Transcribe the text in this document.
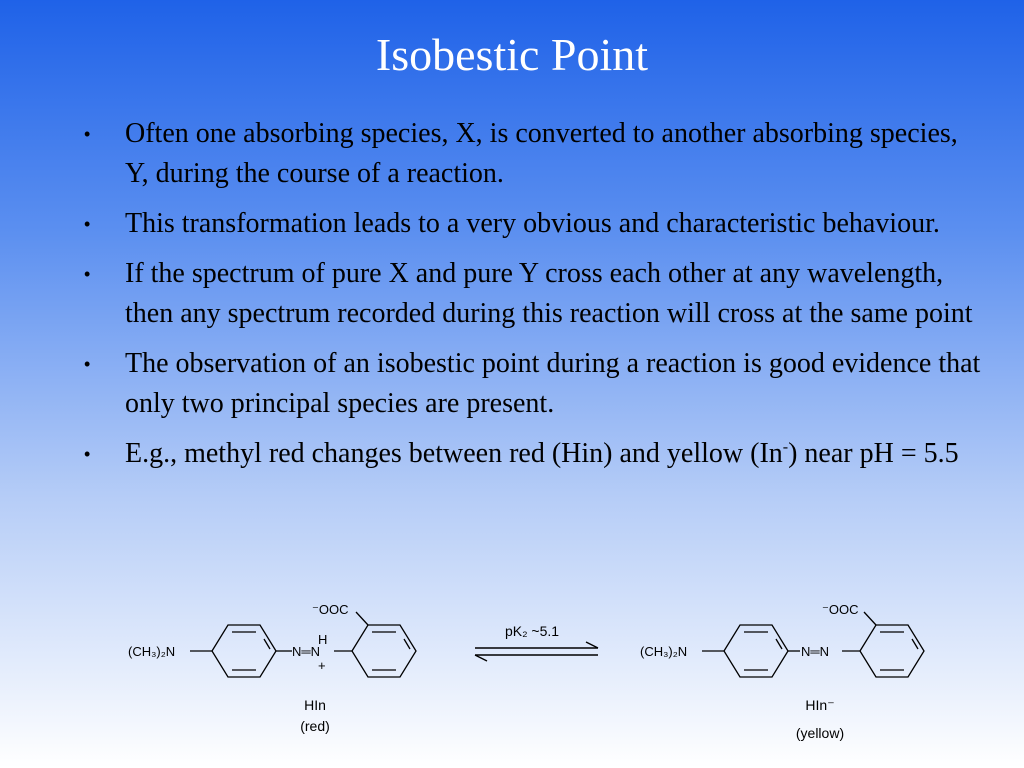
Isobestic Point
• Often one absorbing species, X, is converted to another absorbing species, Y, during the course of a reaction.
• This transformation leads to a very obvious and characteristic behaviour.
• If the spectrum of pure X and pure Y cross each other at any wavelength, then any spectrum recorded during this reaction will cross at the same point
• The observation of an isobestic point during a reaction is good evidence that only two principal species are present.
• E.g., methyl red changes between red (Hin) and yellow (In-) near pH = 5.5
(CH₃)₂N
H
N═N
+
⁻OOC
HIn
(red)
pK₂ ~5.1
(CH₃)₂N	N═N
⁻OOC
HIn⁻
(yellow)
